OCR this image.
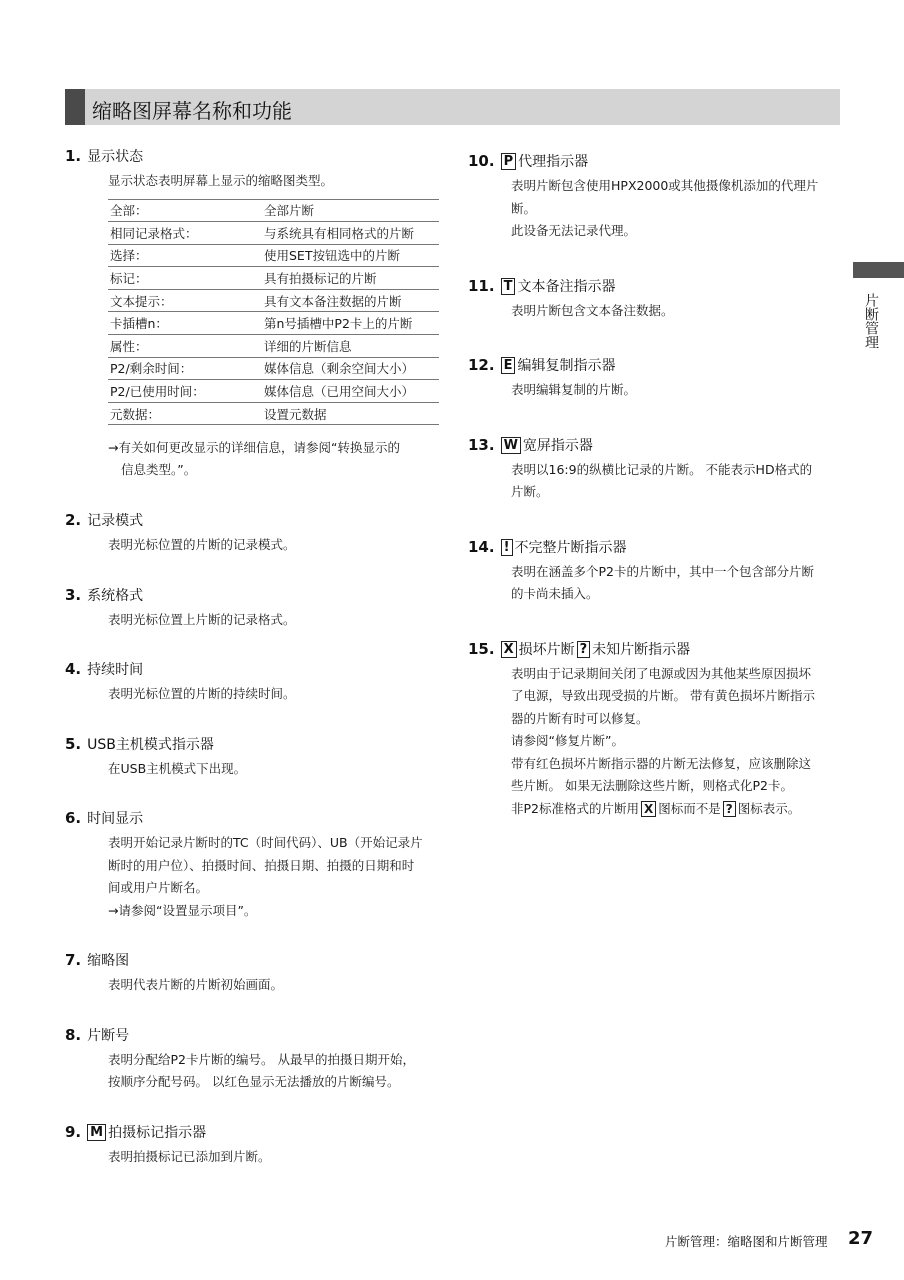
缩略图屏幕名称和功能
1. 显示状态

显示状态表明屏幕上显示的缩略图类型。

全部：	全部片断
相同记录格式：	与系统具有相同格式的片断
选择：	使用SET按钮选中的片断
标记：	具有拍摄标记的片断
文本提示：	具有文本备注数据的片断
卡插槽n：	第n号插槽中P2卡上的片断
属性：	详细的片断信息
P2/剩余时间：	媒体信息（剩余空间大小）
P2/已使用时间：	媒体信息（已用空间大小）
元数据：	设置元数据
→有关如何更改显示的详细信息，请参阅“转换显示的
信息类型。”。
2. 记录模式

表明光标位置的片断的记录模式。

3. 系统格式

表明光标位置上片断的记录格式。

4. 持续时间

表明光标位置的片断的持续时间。

5. USB主机模式指示器

在USB主机模式下出现。

6. 时间显示

表明开始记录片断时的TC（时间代码）、UB（开始记录片

断时的用户位）、拍摄时间、拍摄日期、拍摄的日期和时

间或用户片断名。

→请参阅“设置显示项目”。

7. 缩略图

表明代表片断的片断初始画面。

8. 片断号

表明分配给P2卡片断的编号。 从最早的拍摄日期开始，

按顺序分配号码。 以红色显示无法播放的片断编号。

9. M 拍摄标记指示器

表明拍摄标记已添加到片断。

10. P 代理指示器

表明片断包含使用HPX2000或其他摄像机添加的代理片

断。

此设备无法记录代理。

11. T 文本备注指示器

表明片断包含文本备注数据。

12. E 编辑复制指示器

表明编辑复制的片断。

13. W 宽屏指示器

表明以16:9的纵横比记录的片断。 不能表示HD格式的

片断。

14. ! 不完整片断指示器

表明在涵盖多个P2卡的片断中，其中一个包含部分片断

的卡尚未插入。

15. X 损坏片断 ? 未知片断指示器

表明由于记录期间关闭了电源或因为其他某些原因损坏

了电源，导致出现受损的片断。 带有黄色损坏片断指示

器的片断有时可以修复。

请参阅“修复片断”。

带有红色损坏片断指示器的片断无法修复，应该删除这

些片断。 如果无法删除这些片断，则格式化P2卡。

非P2标准格式的片断用 X 图标而不是 ? 图标表示。

片断管理
片断管理：缩略图和片断管理 27
